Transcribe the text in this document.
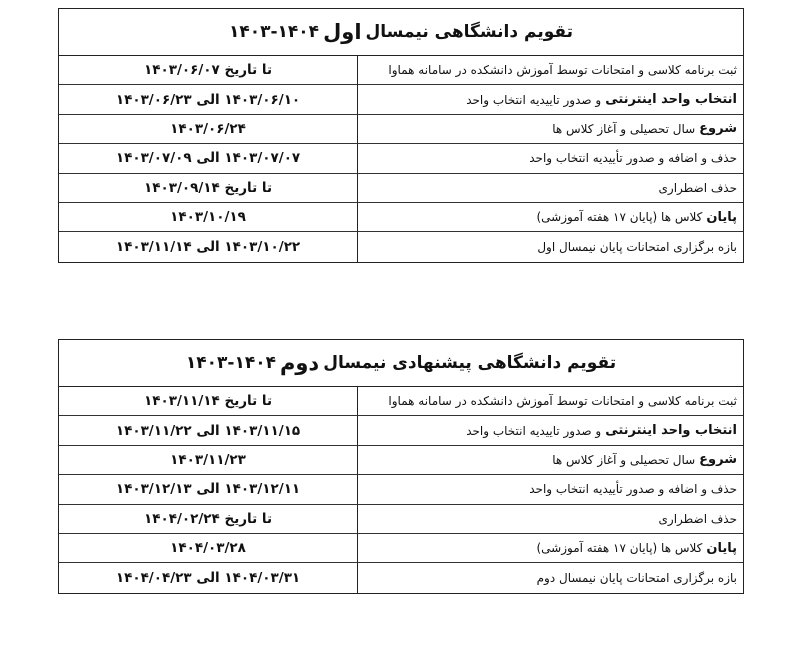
تقویم دانشگاهی نیمسال
اول
۱۴۰۳-۱۴۰۴
ثبت برنامه کلاسی و امتحانات توسط آموزش دانشکده در سامانه هماوا
تا تاریخ ۱۴۰۳/۰۶/۰۷
انتخاب واحد اینترنتی
و صدور تاییدیه انتخاب واحد
۱۴۰۳/۰۶/۱۰ الی ۱۴۰۳/۰۶/۲۳
شروع
سال تحصیلی و آغاز کلاس ها
۱۴۰۳/۰۶/۲۴
حذف و اضافه و صدور تأییدیه انتخاب واحد
۱۴۰۳/۰۷/۰۷ الی ۱۴۰۳/۰۷/۰۹
حذف اضطراری
تا تاریخ ۱۴۰۳/۰۹/۱۴
پایان
کلاس ها (پایان ۱۷ هفته آموزشی)
۱۴۰۳/۱۰/۱۹
بازه برگزاری امتحانات پایان نیمسال اول
۱۴۰۳/۱۰/۲۲ الی ۱۴۰۳/۱۱/۱۴
تقویم دانشگاهی پیشنهادی نیمسال
دوم
۱۴۰۳-۱۴۰۴
ثبت برنامه کلاسی و امتحانات توسط آموزش دانشکده در سامانه هماوا
تا تاریخ ۱۴۰۳/۱۱/۱۴
انتخاب واحد اینترنتی
و صدور تاییدیه انتخاب واحد
۱۴۰۳/۱۱/۱۵ الی ۱۴۰۳/۱۱/۲۲
شروع
سال تحصیلی و آغاز کلاس ها
۱۴۰۳/۱۱/۲۳
حذف و اضافه و صدور تأییدیه انتخاب واحد
۱۴۰۳/۱۲/۱۱ الی ۱۴۰۳/۱۲/۱۳
حذف اضطراری
تا تاریخ ۱۴۰۴/۰۲/۲۴
پایان
کلاس ها (پایان ۱۷ هفته آموزشی)
۱۴۰۴/۰۳/۲۸
بازه برگزاری امتحانات پایان نیمسال دوم
۱۴۰۴/۰۳/۳۱ الی ۱۴۰۴/۰۴/۲۳
